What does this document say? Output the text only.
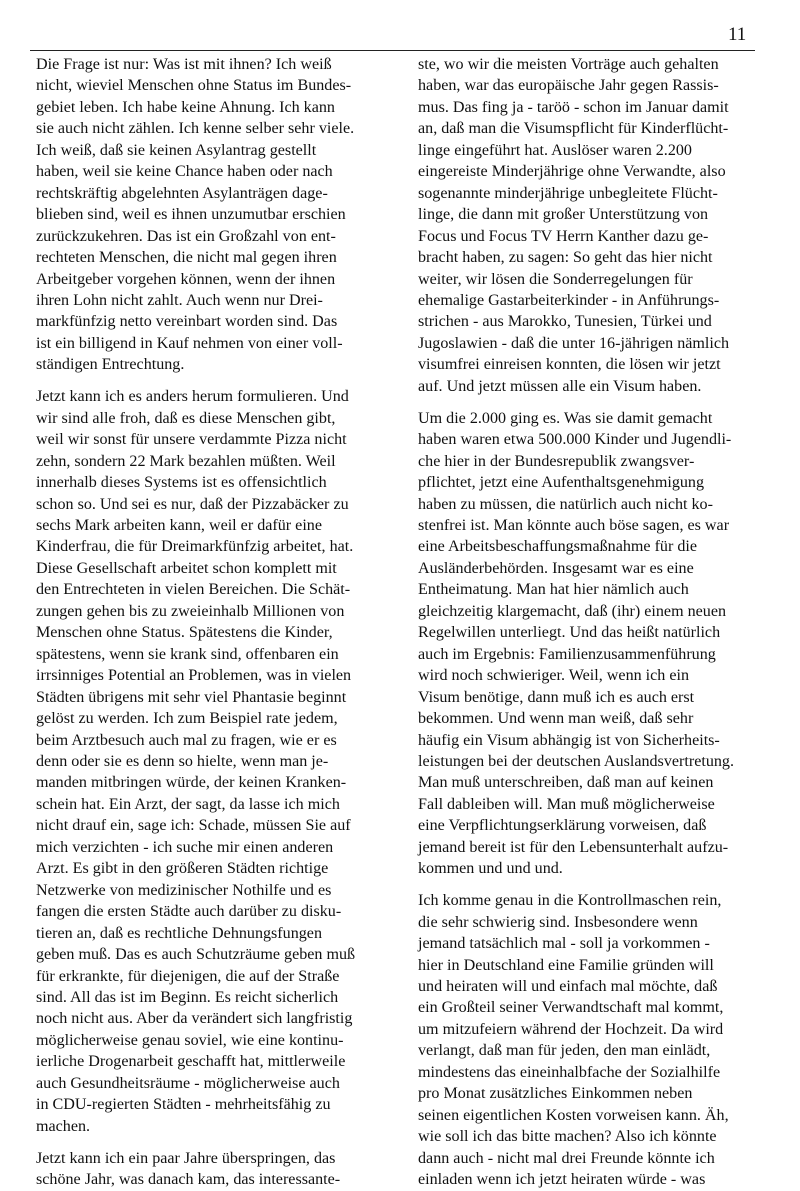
11
Die Frage ist nur: Was ist mit ihnen? Ich weiß
nicht, wieviel Menschen ohne Status im Bundes-
gebiet leben. Ich habe keine Ahnung. Ich kann
sie auch nicht zählen. Ich kenne selber sehr viele.
Ich weiß, daß sie keinen Asylantrag gestellt
haben, weil sie keine Chance haben oder nach
rechtskräftig abgelehnten Asylanträgen dage-
blieben sind, weil es ihnen unzumutbar erschien
zurückzukehren. Das ist ein Großzahl von ent-
rechteten Menschen, die nicht mal gegen ihren
Arbeitgeber vorgehen können, wenn der ihnen
ihren Lohn nicht zahlt. Auch wenn nur Drei-
markfünfzig netto vereinbart worden sind. Das
ist ein billigend in Kauf nehmen von einer voll-
ständigen Entrechtung.
Jetzt kann ich es anders herum formulieren. Und
wir sind alle froh, daß es diese Menschen gibt,
weil wir sonst für unsere verdammte Pizza nicht
zehn, sondern 22 Mark bezahlen müßten. Weil
innerhalb dieses Systems ist es offensichtlich
schon so. Und sei es nur, daß der Pizzabäcker zu
sechs Mark arbeiten kann, weil er dafür eine
Kinderfrau, die für Dreimarkfünfzig arbeitet, hat.
Diese Gesellschaft arbeitet schon komplett mit
den Entrechteten in vielen Bereichen. Die Schät-
zungen gehen bis zu zweieinhalb Millionen von
Menschen ohne Status. Spätestens die Kinder,
spätestens, wenn sie krank sind, offenbaren ein
irrsinniges Potential an Problemen, was in vielen
Städten übrigens mit sehr viel Phantasie beginnt
gelöst zu werden. Ich zum Beispiel rate jedem,
beim Arztbesuch auch mal zu fragen, wie er es
denn oder sie es denn so hielte, wenn man je-
manden mitbringen würde, der keinen Kranken-
schein hat. Ein Arzt, der sagt, da lasse ich mich
nicht drauf ein, sage ich: Schade, müssen Sie auf
mich verzichten - ich suche mir einen anderen
Arzt. Es gibt in den größeren Städten richtige
Netzwerke von medizinischer Nothilfe und es
fangen die ersten Städte auch darüber zu disku-
tieren an, daß es rechtliche Dehnungsfungen
geben muß. Das es auch Schutzräume geben muß
für erkrankte, für diejenigen, die auf der Straße
sind. All das ist im Beginn. Es reicht sicherlich
noch nicht aus. Aber da verändert sich langfristig
möglicherweise genau soviel, wie eine kontinu-
ierliche Drogenarbeit geschafft hat, mittlerweile
auch Gesundheitsräume - möglicherweise auch
in CDU-regierten Städten - mehrheitsfähig zu
machen.
Jetzt kann ich ein paar Jahre überspringen, das
schöne Jahr, was danach kam, das interessante-
ste, wo wir die meisten Vorträge auch gehalten
haben, war das europäische Jahr gegen Rassis-
mus. Das fing ja - taröö - schon im Januar damit
an, daß man die Visumspflicht für Kinderflücht-
linge eingeführt hat. Auslöser waren 2.200
eingereiste Minderjährige ohne Verwandte, also
sogenannte minderjährige unbegleitete Flücht-
linge, die dann mit großer Unterstützung von
Focus und Focus TV Herrn Kanther dazu ge-
bracht haben, zu sagen: So geht das hier nicht
weiter, wir lösen die Sonderregelungen für
ehemalige Gastarbeiterkinder - in Anführungs-
strichen - aus Marokko, Tunesien, Türkei und
Jugoslawien - daß die unter 16-jährigen nämlich
visumfrei einreisen konnten, die lösen wir jetzt
auf. Und jetzt müssen alle ein Visum haben.
Um die 2.000 ging es. Was sie damit gemacht
haben waren etwa 500.000 Kinder und Jugendli-
che hier in der Bundesrepublik zwangsver-
pflichtet, jetzt eine Aufenthaltsgenehmigung
haben zu müssen, die natürlich auch nicht ko-
stenfrei ist. Man könnte auch böse sagen, es war
eine Arbeitsbeschaffungsmaßnahme für die
Ausländerbehörden. Insgesamt war es eine
Entheimatung. Man hat hier nämlich auch
gleichzeitig klargemacht, daß (ihr) einem neuen
Regelwillen unterliegt. Und das heißt natürlich
auch im Ergebnis: Familienzusammenführung
wird noch schwieriger. Weil, wenn ich ein
Visum benötige, dann muß ich es auch erst
bekommen. Und wenn man weiß, daß sehr
häufig ein Visum abhängig ist von Sicherheits-
leistungen bei der deutschen Auslandsvertretung.
Man muß unterschreiben, daß man auf keinen
Fall dableiben will. Man muß möglicherweise
eine Verpflichtungserklärung vorweisen, daß
jemand bereit ist für den Lebensunterhalt aufzu-
kommen und und und.
Ich komme genau in die Kontrollmaschen rein,
die sehr schwierig sind. Insbesondere wenn
jemand tatsächlich mal - soll ja vorkommen -
hier in Deutschland eine Familie gründen will
und heiraten will und einfach mal möchte, daß
ein Großteil seiner Verwandtschaft mal kommt,
um mitzufeiern während der Hochzeit. Da wird
verlangt, daß man für jeden, den man einlädt,
mindestens das eineinhalbfache der Sozialhilfe
pro Monat zusätzliches Einkommen neben
seinen eigentlichen Kosten vorweisen kann. Äh,
wie soll ich das bitte machen? Also ich könnte
dann auch - nicht mal drei Freunde könnte ich
einladen wenn ich jetzt heiraten würde - was
